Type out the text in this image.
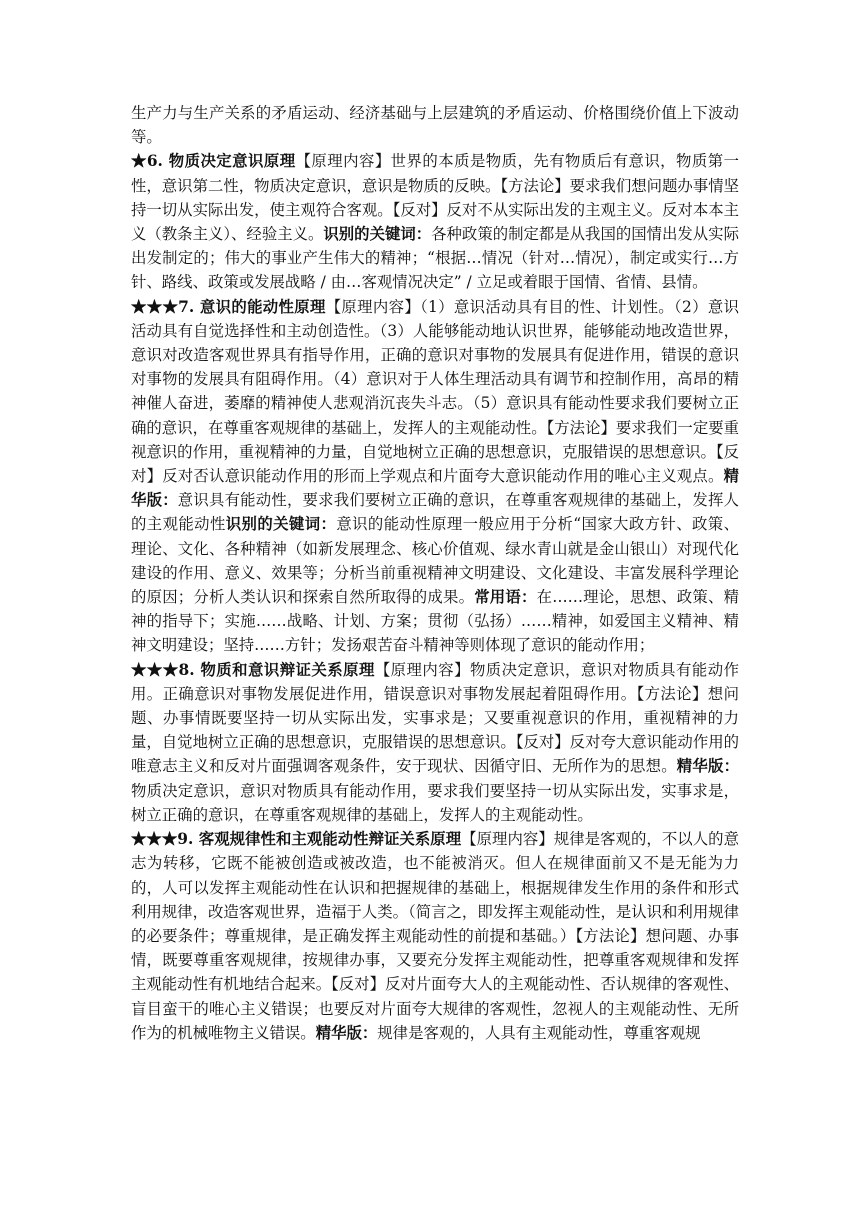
生产力与生产关系的矛盾运动、经济基础与上层建筑的矛盾运动、价格围绕价值上下波动等。

★6. 物质决定意识原理【原理内容】世界的本质是物质，先有物质后有意识，物质第一性，意识第二性，物质决定意识，意识是物质的反映。【方法论】要求我们想问题办事情坚持一切从实际出发，使主观符合客观。【反对】反对不从实际出发的主观主义。反对本本主义（教条主义）、经验主义。识别的关键词：各种政策的制定都是从我国的国情出发从实际出发制定的；伟大的事业产生伟大的精神；“根据…情况（针对…情况），制定或实行…方针、路线、政策或发展战略 / 由…客观情况决定” / 立足或着眼于国情、省情、县情。

★★★7. 意识的能动性原理【原理内容】（1）意识活动具有目的性、计划性。（2）意识活动具有自觉选择性和主动创造性。（3）人能够能动地认识世界，能够能动地改造世界，意识对改造客观世界具有指导作用，正确的意识对事物的发展具有促进作用，错误的意识对事物的发展具有阻碍作用。（4）意识对于人体生理活动具有调节和控制作用，高昂的精神催人奋进，萎靡的精神使人悲观消沉丧失斗志。（5）意识具有能动性要求我们要树立正确的意识，在尊重客观规律的基础上，发挥人的主观能动性。【方法论】要求我们一定要重视意识的作用，重视精神的力量，自觉地树立正确的思想意识，克服错误的思想意识。【反对】反对否认意识能动作用的形而上学观点和片面夸大意识能动作用的唯心主义观点。精华版：意识具有能动性，要求我们要树立正确的意识，在尊重客观规律的基础上，发挥人的主观能动性识别的关键词：意识的能动性原理一般应用于分析“国家大政方针、政策、理论、文化、各种精神（如新发展理念、核心价值观、绿水青山就是金山银山）对现代化建设的作用、意义、效果等；分析当前重视精神文明建设、文化建设、丰富发展科学理论的原因；分析人类认识和探索自然所取得的成果。常用语：在……理论，思想、政策、精神的指导下；实施……战略、计划、方案；贯彻（弘扬）……精神，如爱国主义精神、精神文明建设；坚持……方针；发扬艰苦奋斗精神等则体现了意识的能动作用；

★★★8. 物质和意识辩证关系原理【原理内容】物质决定意识，意识对物质具有能动作用。正确意识对事物发展促进作用，错误意识对事物发展起着阻碍作用。【方法论】想问题、办事情既要坚持一切从实际出发，实事求是；又要重视意识的作用，重视精神的力量，自觉地树立正确的思想意识，克服错误的思想意识。【反对】反对夸大意识能动作用的唯意志主义和反对片面强调客观条件，安于现状、因循守旧、无所作为的思想。精华版：物质决定意识，意识对物质具有能动作用，要求我们要坚持一切从实际出发，实事求是，树立正确的意识，在尊重客观规律的基础上，发挥人的主观能动性。

★★★9. 客观规律性和主观能动性辩证关系原理【原理内容】规律是客观的，不以人的意志为转移，它既不能被创造或被改造，也不能被消灭。但人在规律面前又不是无能为力的，人可以发挥主观能动性在认识和把握规律的基础上，根据规律发生作用的条件和形式利用规律，改造客观世界，造福于人类。（简言之，即发挥主观能动性，是认识和利用规律的必要条件；尊重规律，是正确发挥主观能动性的前提和基础。）【方法论】想问题、办事情，既要尊重客观规律，按规律办事，又要充分发挥主观能动性，把尊重客观规律和发挥主观能动性有机地结合起来。【反对】反对片面夸大人的主观能动性、否认规律的客观性、盲目蛮干的唯心主义错误；也要反对片面夸大规律的客观性，忽视人的主观能动性、无所作为的机械唯物主义错误。精华版：规律是客观的，人具有主观能动性，尊重客观规
